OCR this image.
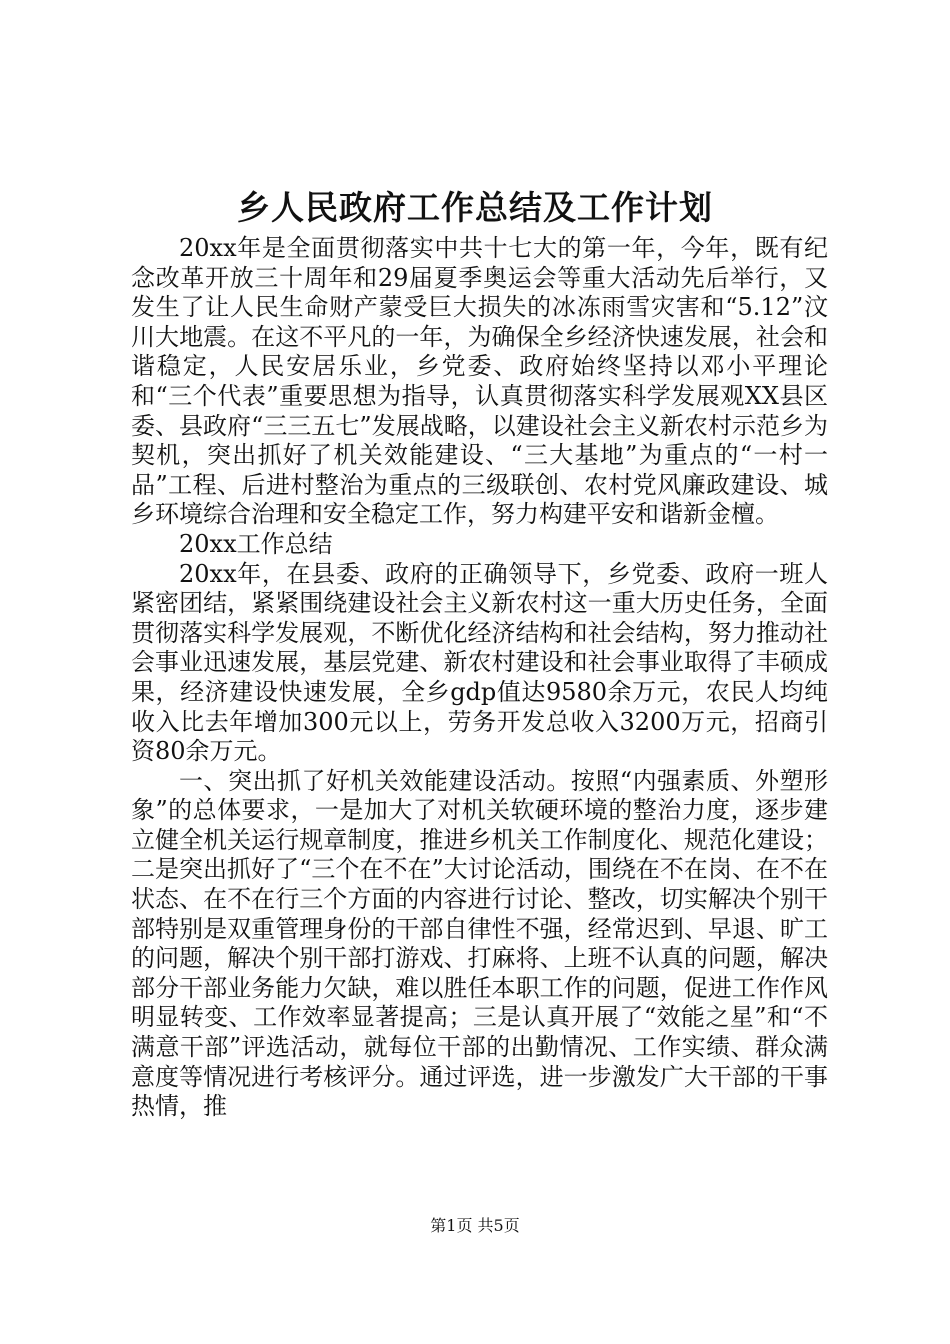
乡人民政府工作总结及工作计划

20xx年是全面贯彻落实中共十七大的第一年，今年，既有纪念改革开放三十周年和29届夏季奥运会等重大活动先后举行，又发生了让人民生命财产蒙受巨大损失的冰冻雨雪灾害和“5.12”汶川大地震。在这不平凡的一年，为确保全乡经济快速发展，社会和谐稳定，人民安居乐业，乡党委、政府始终坚持以邓小平理论和“三个代表”重要思想为指导，认真贯彻落实科学发展观XX县区委、县政府“三三五七”发展战略，以建设社会主义新农村示范乡为契机，突出抓好了机关效能建设、“三大基地”为重点的“一村一品”工程、后进村整治为重点的三级联创、农村党风廉政建设、城乡环境综合治理和安全稳定工作，努力构建平安和谐新金檀。

20xx工作总结

20xx年，在县委、政府的正确领导下，乡党委、政府一班人紧密团结，紧紧围绕建设社会主义新农村这一重大历史任务，全面贯彻落实科学发展观，不断优化经济结构和社会结构，努力推动社会事业迅速发展，基层党建、新农村建设和社会事业取得了丰硕成果，经济建设快速发展，全乡gdp值达9580余万元，农民人均纯收入比去年增加300元以上，劳务开发总收入3200万元，招商引资80余万元。

一、突出抓了好机关效能建设活动。按照“内强素质、外塑形象”的总体要求，一是加大了对机关软硬环境的整治力度，逐步建立健全机关运行规章制度，推进乡机关工作制度化、规范化建设；二是突出抓好了“三个在不在”大讨论活动，围绕在不在岗、在不在状态、在不在行三个方面的内容进行讨论、整改，切实解决个别干部特别是双重管理身份的干部自律性不强，经常迟到、早退、旷工的问题，解决个别干部打游戏、打麻将、上班不认真的问题，解决部分干部业务能力欠缺，难以胜任本职工作的问题，促进工作作风明显转变、工作效率显著提高；三是认真开展了“效能之星”和“不满意干部”评选活动，就每位干部的出勤情况、工作实绩、群众满意度等情况进行考核评分。通过评选，进一步激发广大干部的干事热情，推

第1页 共5页
